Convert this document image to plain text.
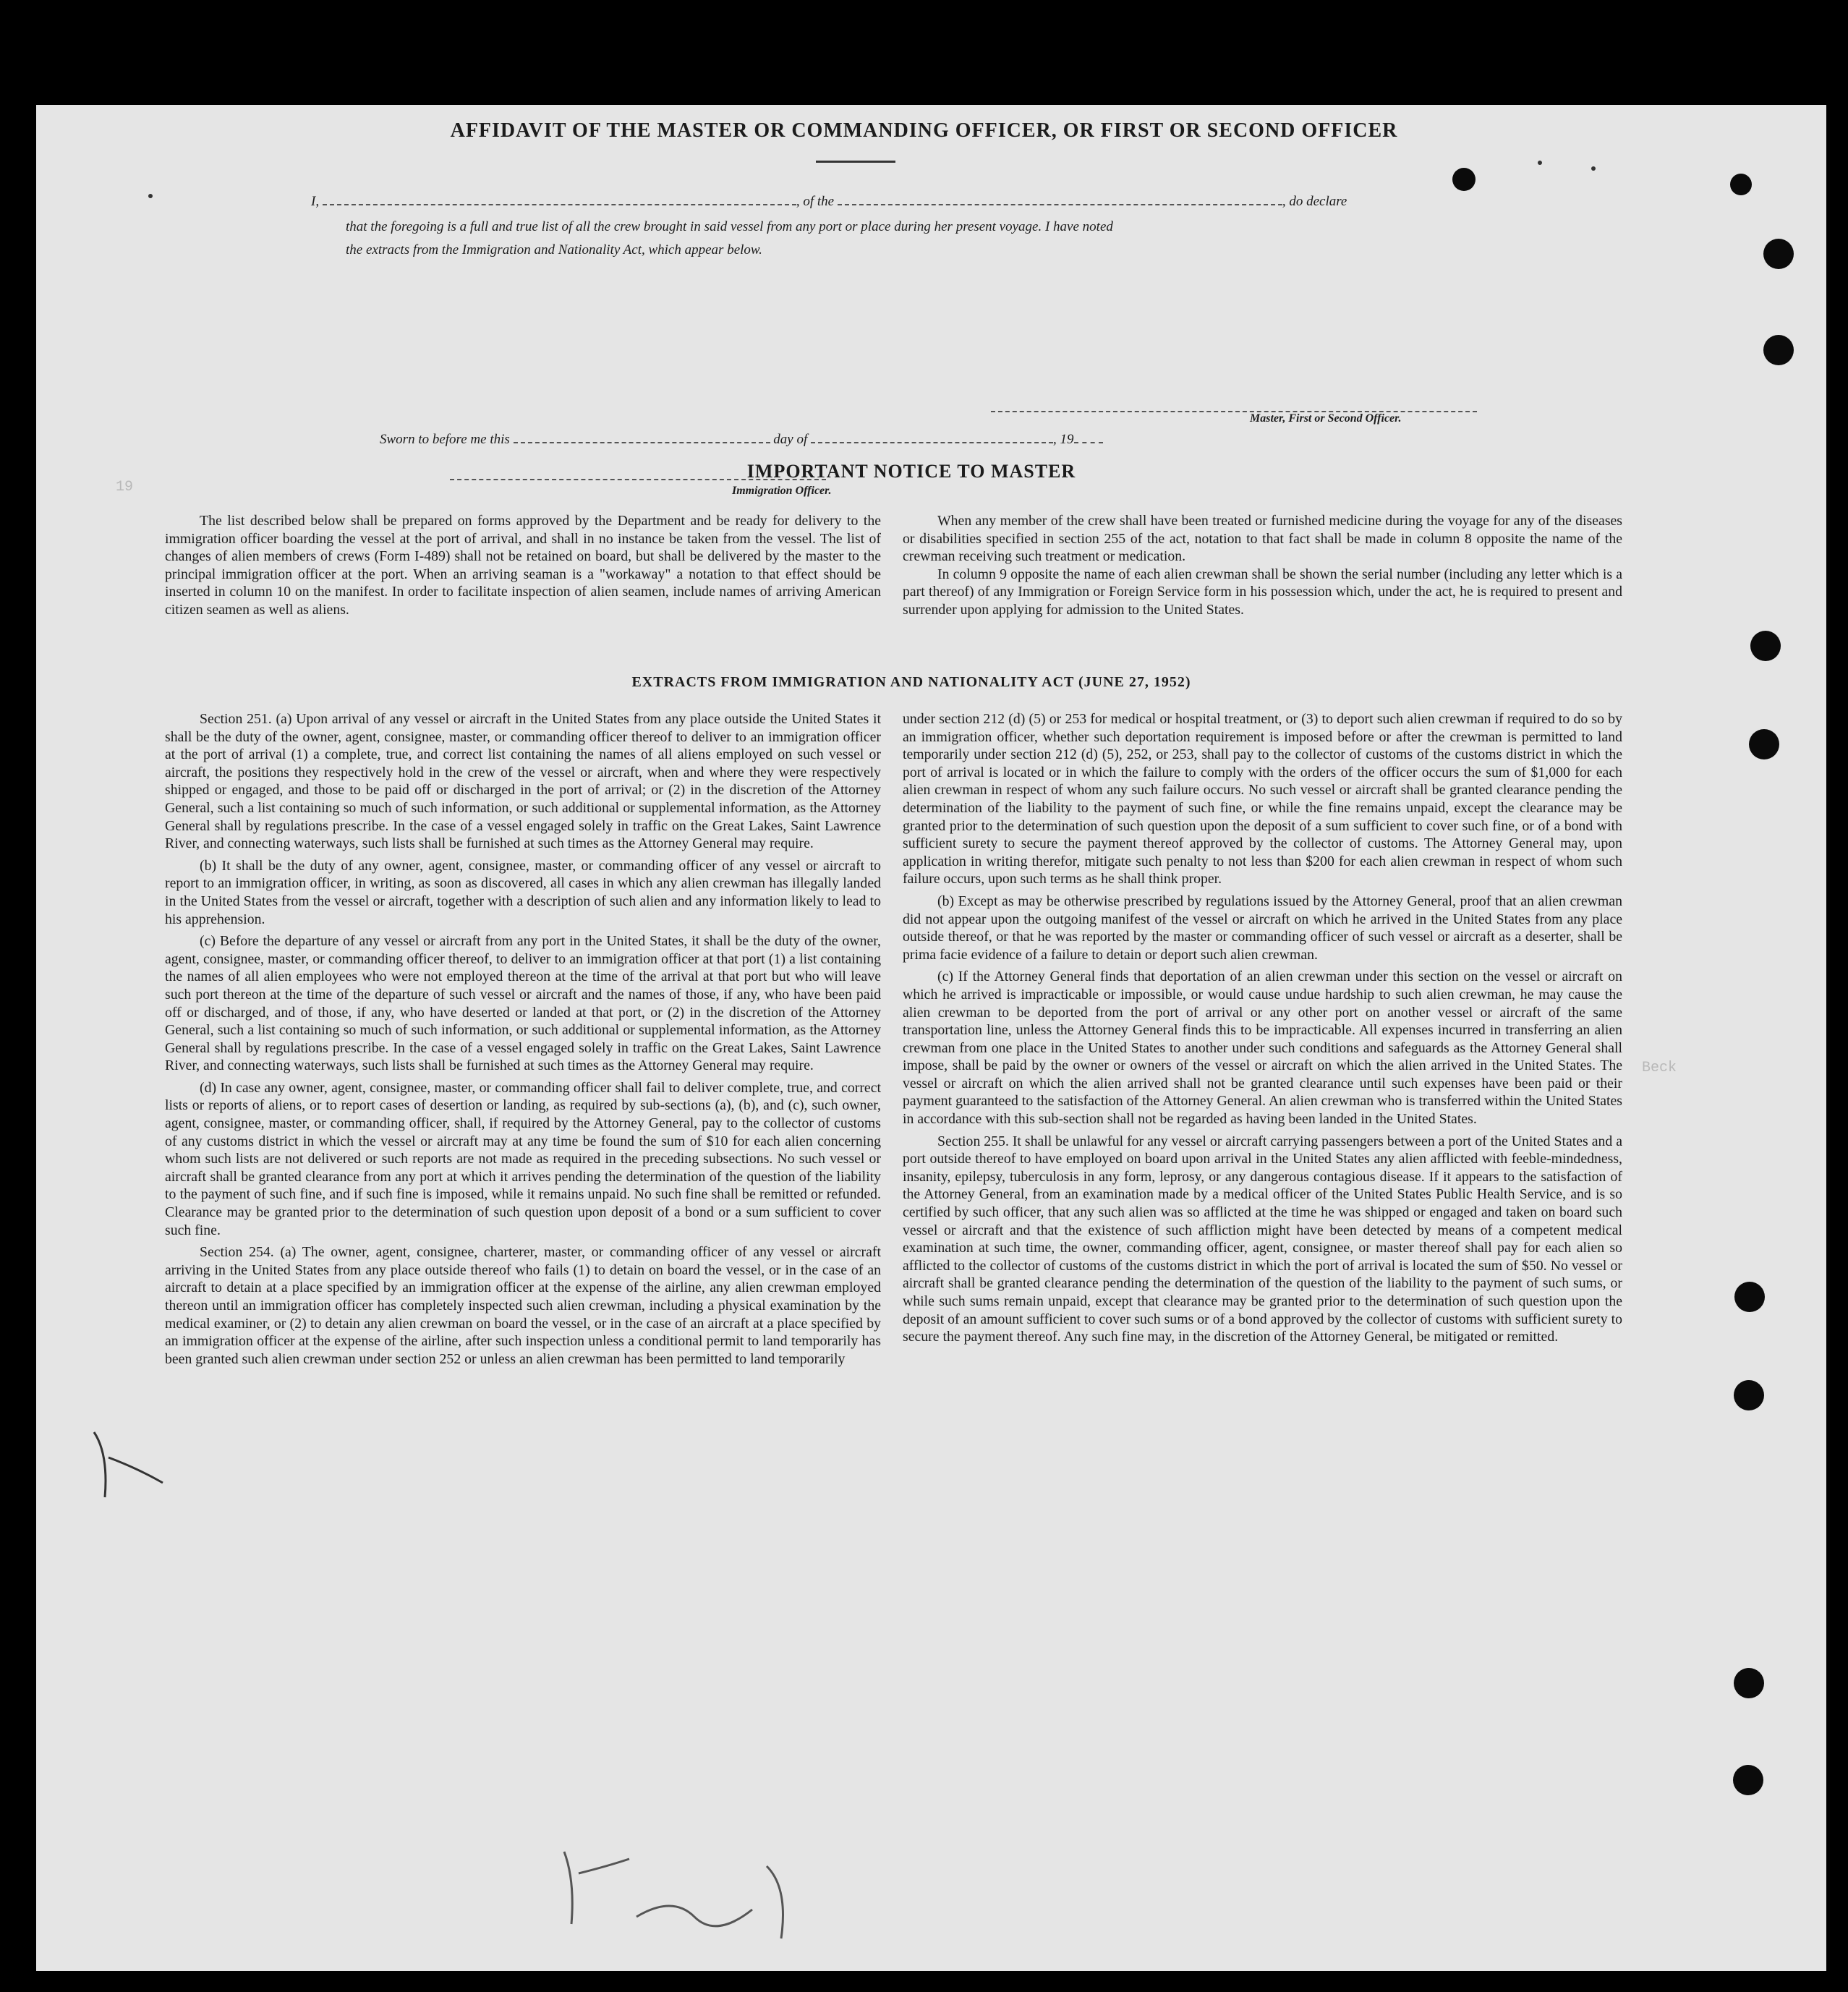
19
Beck
AFFIDAVIT OF THE MASTER OR COMMANDING OFFICER, OR FIRST OR SECOND OFFICER
I,	, of the	, do declare
that the foregoing is a full and true list of all the crew brought in said vessel from any port or place during her present voyage. I have noted
the extracts from the Immigration and Nationality Act, which appear below.
Master, First or Second Officer.
Sworn to before me this	day of	, 19
Immigration Officer.
IMPORTANT NOTICE TO MASTER

The list described below shall be prepared on forms approved by the Department and be ready for delivery to the immigration officer boarding the vessel at the port of arrival, and shall in no instance be taken from the vessel. The list of changes of alien members of crews (Form I-489) shall not be retained on board, but shall be delivered by the master to the principal immigration officer at the port. When an arriving seaman is a "workaway" a notation to that effect should be inserted in column 10 on the manifest. In order to facilitate inspection of alien seamen, include names of arriving American citizen seamen as well as aliens.

When any member of the crew shall have been treated or furnished medicine during the voyage for any of the diseases or disabilities specified in section 255 of the act, notation to that fact shall be made in column 8 opposite the name of the crewman receiving such treatment or medication.

In column 9 opposite the name of each alien crewman shall be shown the serial number (including any letter which is a part thereof) of any Immigration or Foreign Service form in his possession which, under the act, he is required to present and surrender upon applying for admission to the United States.

EXTRACTS FROM IMMIGRATION AND NATIONALITY ACT (JUNE 27, 1952)

Section 251. (a) Upon arrival of any vessel or aircraft in the United States from any place outside the United States it shall be the duty of the owner, agent, consignee, master, or commanding officer thereof to deliver to an immigration officer at the port of arrival (1) a complete, true, and correct list containing the names of all aliens employed on such vessel or aircraft, the positions they respectively hold in the crew of the vessel or aircraft, when and where they were respectively shipped or engaged, and those to be paid off or discharged in the port of arrival; or (2) in the discretion of the Attorney General, such a list containing so much of such information, or such additional or supplemental information, as the Attorney General shall by regulations prescribe. In the case of a vessel engaged solely in traffic on the Great Lakes, Saint Lawrence River, and connecting waterways, such lists shall be furnished at such times as the Attorney General may require.

(b) It shall be the duty of any owner, agent, consignee, master, or commanding officer of any vessel or aircraft to report to an immigration officer, in writing, as soon as discovered, all cases in which any alien crewman has illegally landed in the United States from the vessel or aircraft, together with a description of such alien and any information likely to lead to his apprehension.

(c) Before the departure of any vessel or aircraft from any port in the United States, it shall be the duty of the owner, agent, consignee, master, or commanding officer thereof, to deliver to an immigration officer at that port (1) a list containing the names of all alien employees who were not employed thereon at the time of the arrival at that port but who will leave such port thereon at the time of the departure of such vessel or aircraft and the names of those, if any, who have been paid off or discharged, and of those, if any, who have deserted or landed at that port, or (2) in the discretion of the Attorney General, such a list containing so much of such information, or such additional or supplemental information, as the Attorney General shall by regulations prescribe. In the case of a vessel engaged solely in traffic on the Great Lakes, Saint Lawrence River, and connecting waterways, such lists shall be furnished at such times as the Attorney General may require.

(d) In case any owner, agent, consignee, master, or commanding officer shall fail to deliver complete, true, and correct lists or reports of aliens, or to report cases of desertion or landing, as required by sub-sections (a), (b), and (c), such owner, agent, consignee, master, or commanding officer, shall, if required by the Attorney General, pay to the collector of customs of any customs district in which the vessel or aircraft may at any time be found the sum of $10 for each alien concerning whom such lists are not delivered or such reports are not made as required in the preceding subsections. No such vessel or aircraft shall be granted clearance from any port at which it arrives pending the determination of the question of the liability to the payment of such fine, and if such fine is imposed, while it remains unpaid. No such fine shall be remitted or refunded. Clearance may be granted prior to the determination of such question upon deposit of a bond or a sum sufficient to cover such fine.

Section 254. (a) The owner, agent, consignee, charterer, master, or commanding officer of any vessel or aircraft arriving in the United States from any place outside thereof who fails (1) to detain on board the vessel, or in the case of an aircraft to detain at a place specified by an immigration officer at the expense of the airline, any alien crewman employed thereon until an immigration officer has completely inspected such alien crewman, including a physical examination by the medical examiner, or (2) to detain any alien crewman on board the vessel, or in the case of an aircraft at a place specified by an immigration officer at the expense of the airline, after such inspection unless a conditional permit to land temporarily has been granted such alien crewman under section 252 or unless an alien crewman has been permitted to land temporarily

under section 212 (d) (5) or 253 for medical or hospital treatment, or (3) to deport such alien crewman if required to do so by an immigration officer, whether such deportation requirement is imposed before or after the crewman is permitted to land temporarily under section 212 (d) (5), 252, or 253, shall pay to the collector of customs of the customs district in which the port of arrival is located or in which the failure to comply with the orders of the officer occurs the sum of $1,000 for each alien crewman in respect of whom any such failure occurs. No such vessel or aircraft shall be granted clearance pending the determination of the liability to the payment of such fine, or while the fine remains unpaid, except the clearance may be granted prior to the determination of such question upon the deposit of a sum sufficient to cover such fine, or of a bond with sufficient surety to secure the payment thereof approved by the collector of customs. The Attorney General may, upon application in writing therefor, mitigate such penalty to not less than $200 for each alien crewman in respect of whom such failure occurs, upon such terms as he shall think proper.

(b) Except as may be otherwise prescribed by regulations issued by the Attorney General, proof that an alien crewman did not appear upon the outgoing manifest of the vessel or aircraft on which he arrived in the United States from any place outside thereof, or that he was reported by the master or commanding officer of such vessel or aircraft as a deserter, shall be prima facie evidence of a failure to detain or deport such alien crewman.

(c) If the Attorney General finds that deportation of an alien crewman under this section on the vessel or aircraft on which he arrived is impracticable or impossible, or would cause undue hardship to such alien crewman, he may cause the alien crewman to be deported from the port of arrival or any other port on another vessel or aircraft of the same transportation line, unless the Attorney General finds this to be impracticable. All expenses incurred in transferring an alien crewman from one place in the United States to another under such conditions and safeguards as the Attorney General shall impose, shall be paid by the owner or owners of the vessel or aircraft on which the alien arrived in the United States. The vessel or aircraft on which the alien arrived shall not be granted clearance until such expenses have been paid or their payment guaranteed to the satisfaction of the Attorney General. An alien crewman who is transferred within the United States in accordance with this sub-section shall not be regarded as having been landed in the United States.

Section 255. It shall be unlawful for any vessel or aircraft carrying passengers between a port of the United States and a port outside thereof to have employed on board upon arrival in the United States any alien afflicted with feeble-mindedness, insanity, epilepsy, tuberculosis in any form, leprosy, or any dangerous contagious disease. If it appears to the satisfaction of the Attorney General, from an examination made by a medical officer of the United States Public Health Service, and is so certified by such officer, that any such alien was so afflicted at the time he was shipped or engaged and taken on board such vessel or aircraft and that the existence of such affliction might have been detected by means of a competent medical examination at such time, the owner, commanding officer, agent, consignee, or master thereof shall pay for each alien so afflicted to the collector of customs of the customs district in which the port of arrival is located the sum of $50. No vessel or aircraft shall be granted clearance pending the determination of the question of the liability to the payment of such sums, or while such sums remain unpaid, except that clearance may be granted prior to the determination of such question upon the deposit of an amount sufficient to cover such sums or of a bond approved by the collector of customs with sufficient surety to secure the payment thereof. Any such fine may, in the discretion of the Attorney General, be mitigated or remitted.
